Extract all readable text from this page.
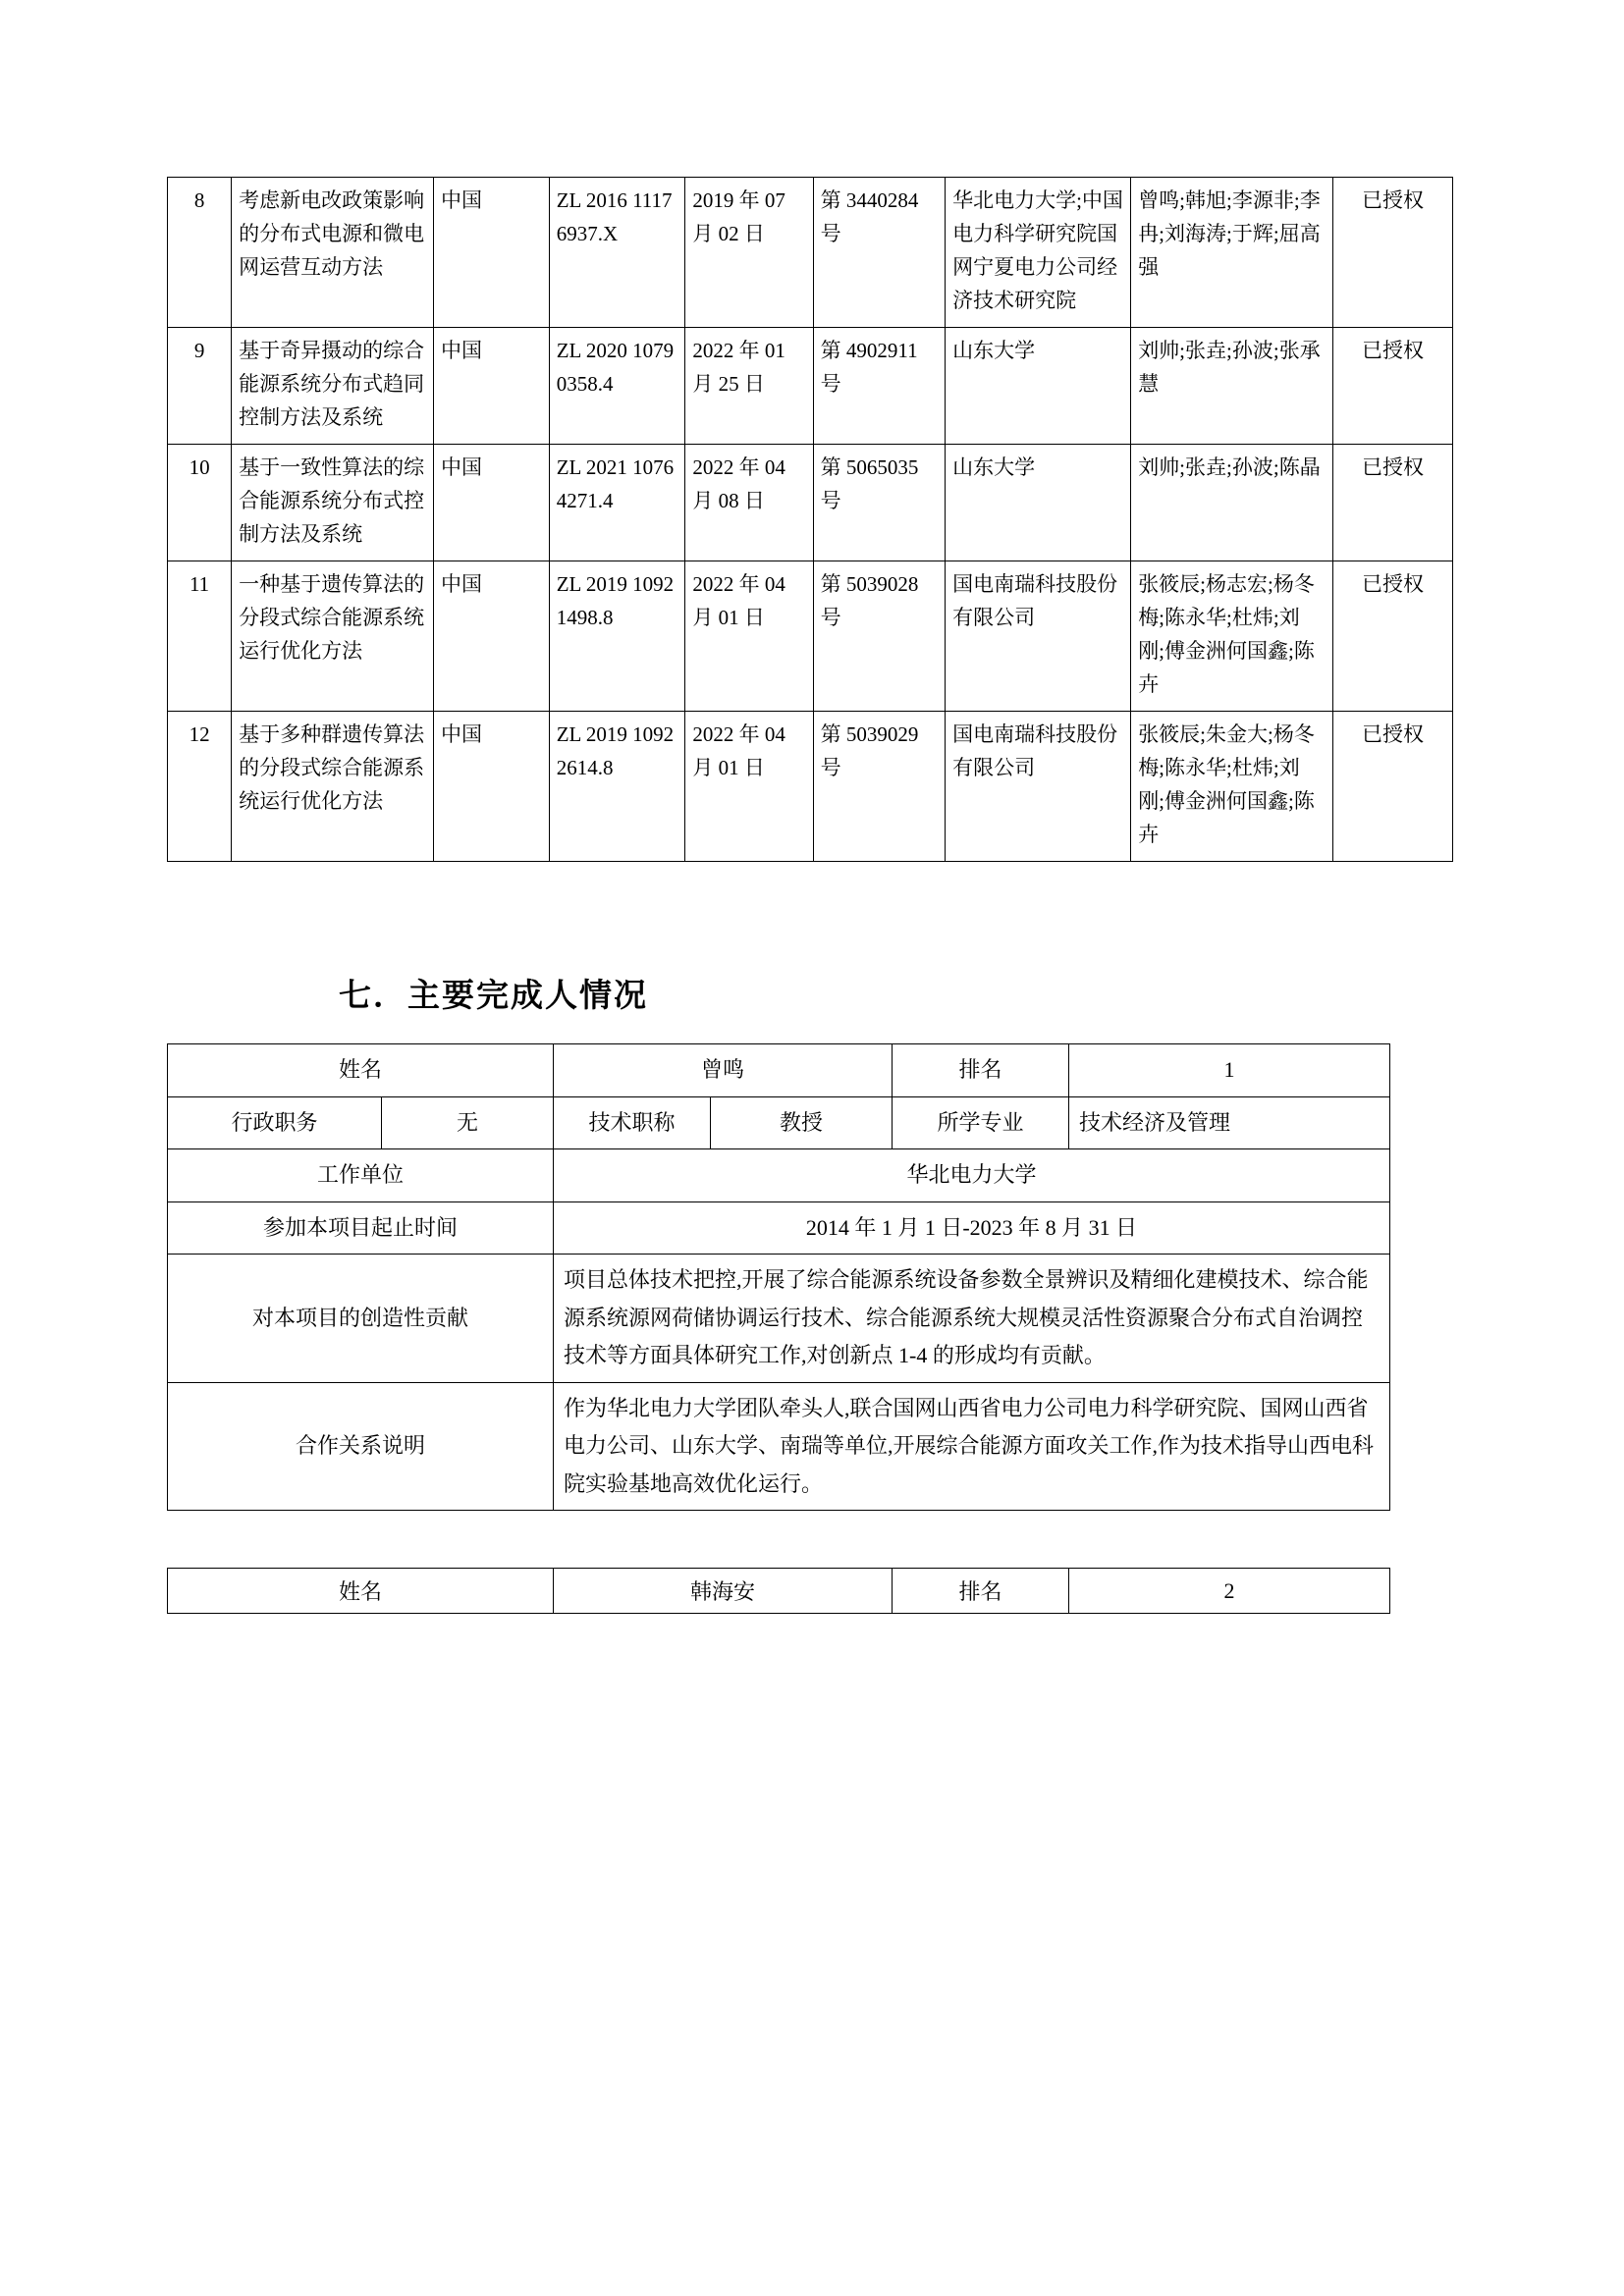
8	考虑新电改政策影响的分布式电源和微电网运营互动方法	中国	ZL 2016 11176937.X	2019 年 07 月 02 日	第 3440284 号	华北电力大学;中国电力科学研究院国网宁夏电力公司经济技术研究院	曾鸣;韩旭;李源非;李冉;刘海涛;于辉;屈高强	已授权
9	基于奇异摄动的综合能源系统分布式趋同控制方法及系统	中国	ZL 2020 10790358.4	2022 年 01 月 25 日	第 4902911 号	山东大学	刘帅;张垚;孙波;张承慧	已授权
10	基于一致性算法的综合能源系统分布式控制方法及系统	中国	ZL 2021 10764271.4	2022 年 04 月 08 日	第 5065035 号	山东大学	刘帅;张垚;孙波;陈晶	已授权
11	一种基于遗传算法的分段式综合能源系统运行优化方法	中国	ZL 2019 10921498.8	2022 年 04 月 01 日	第 5039028 号	国电南瑞科技股份有限公司	张筱辰;杨志宏;杨冬梅;陈永华;杜炜;刘刚;傅金洲何国鑫;陈卉	已授权
12	基于多种群遗传算法的分段式综合能源系统运行优化方法	中国	ZL 2019 10922614.8	2022 年 04 月 01 日	第 5039029 号	国电南瑞科技股份有限公司	张筱辰;朱金大;杨冬梅;陈永华;杜炜;刘刚;傅金洲何国鑫;陈卉	已授权
七．主要完成人情况
姓名		曾鸣		排名	1
行政职务	无	技术职称	教授	所学专业	技术经济及管理
工作单位		华北电力大学			
参加本项目起止时间		2014 年 1 月 1 日-2023 年 8 月 31 日			
对本项目的创造性贡献		项目总体技术把控,开展了综合能源系统设备参数全景辨识及精细化建模技术、综合能源系统源网荷储协调运行技术、综合能源系统大规模灵活性资源聚合分布式自治调控技术等方面具体研究工作,对创新点 1-4 的形成均有贡献。			
合作关系说明		作为华北电力大学团队牵头人,联合国网山西省电力公司电力科学研究院、国网山西省电力公司、山东大学、南瑞等单位,开展综合能源方面攻关工作,作为技术指导山西电科院实验基地高效优化运行。			
姓名	韩海安	排名	2
